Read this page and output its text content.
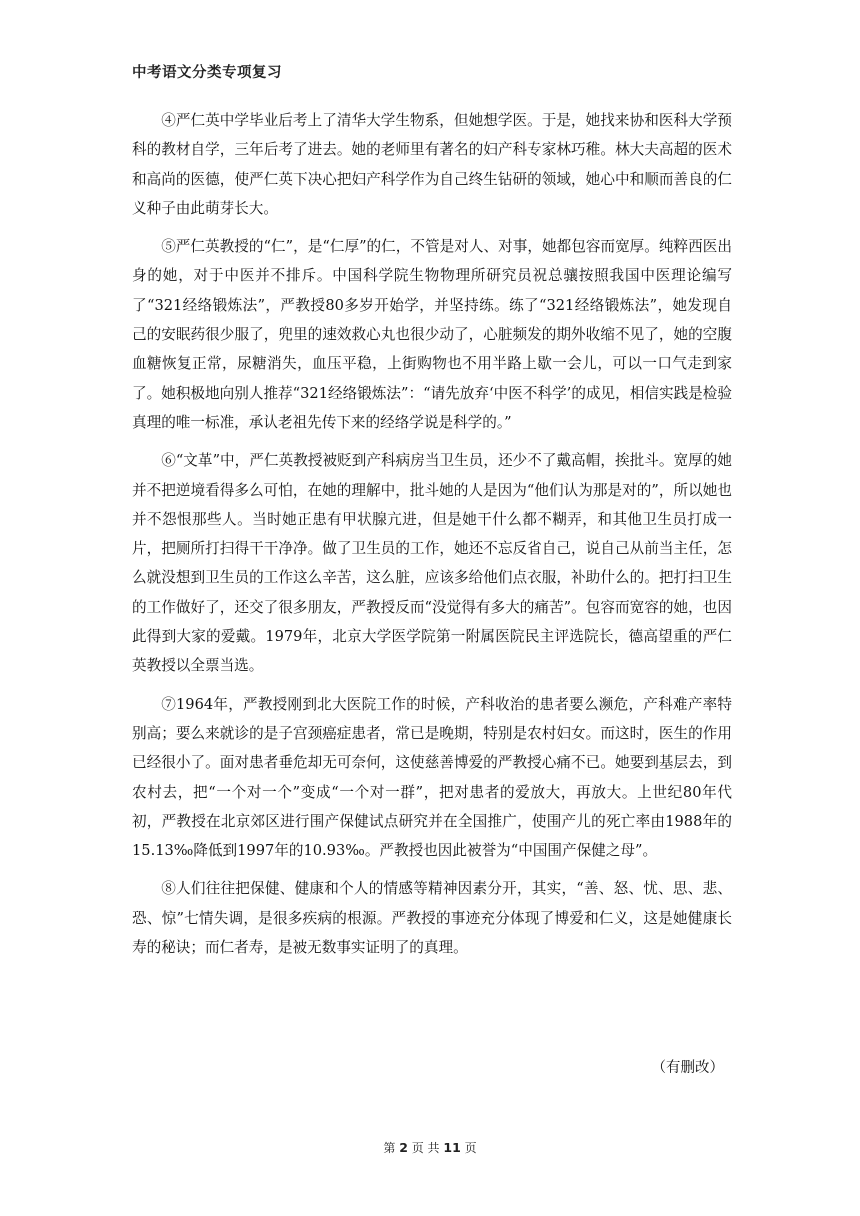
中考语文分类专项复习

④严仁英中学毕业后考上了清华大学生物系，但她想学医。于是，她找来协和医科大学预科的教材自学，三年后考了进去。她的老师里有著名的妇产科专家林巧稚。林大夫高超的医术和高尚的医德，使严仁英下决心把妇产科学作为自己终生钻研的领域，她心中和顺而善良的仁义种子由此萌芽长大。

⑤严仁英教授的“仁”，是“仁厚”的仁，不管是对人、对事，她都包容而宽厚。纯粹西医出身的她，对于中医并不排斥。中国科学院生物物理所研究员祝总骧按照我国中医理论编写了“321经络锻炼法”，严教授80多岁开始学，并坚持练。练了“321经络锻炼法”，她发现自己的安眠药很少服了，兜里的速效救心丸也很少动了，心脏频发的期外收缩不见了，她的空腹血糖恢复正常，尿糖消失，血压平稳，上街购物也不用半路上歇一会儿，可以一口气走到家了。她积极地向别人推荐“321经络锻炼法”：“请先放弃‘中医不科学’的成见，相信实践是检验真理的唯一标准，承认老祖先传下来的经络学说是科学的。”

⑥“文革”中，严仁英教授被贬到产科病房当卫生员，还少不了戴高帽，挨批斗。宽厚的她并不把逆境看得多么可怕，在她的理解中，批斗她的人是因为“他们认为那是对的”，所以她也并不怨恨那些人。当时她正患有甲状腺亢进，但是她干什么都不糊弄，和其他卫生员打成一片，把厕所打扫得干干净净。做了卫生员的工作，她还不忘反省自己，说自己从前当主任，怎么就没想到卫生员的工作这么辛苦，这么脏，应该多给他们点衣服，补助什么的。把打扫卫生的工作做好了，还交了很多朋友，严教授反而“没觉得有多大的痛苦”。包容而宽容的她，也因此得到大家的爱戴。1979年，北京大学医学院第一附属医院民主评选院长，德高望重的严仁英教授以全票当选。

⑦1964年，严教授刚到北大医院工作的时候，产科收治的患者要么濒危，产科难产率特别高；要么来就诊的是子宫颈癌症患者，常已是晚期，特别是农村妇女。而这时，医生的作用已经很小了。面对患者垂危却无可奈何，这使慈善博爱的严教授心痛不已。她要到基层去，到农村去，把“一个对一个”变成“一个对一群”，把对患者的爱放大，再放大。上世纪80年代初，严教授在北京郊区进行围产保健试点研究并在全国推广，使围产儿的死亡率由1988年的15.13‰降低到1997年的10.93‰。严教授也因此被誉为“中国围产保健之母”。

⑧人们往往把保健、健康和个人的情感等精神因素分开，其实，“善、怒、忧、思、悲、恐、惊”七情失调，是很多疾病的根源。严教授的事迹充分体现了博爱和仁义，这是她健康长寿的秘诀；而仁者寿，是被无数事实证明了的真理。

（有删改）
第 2 页 共 11 页
